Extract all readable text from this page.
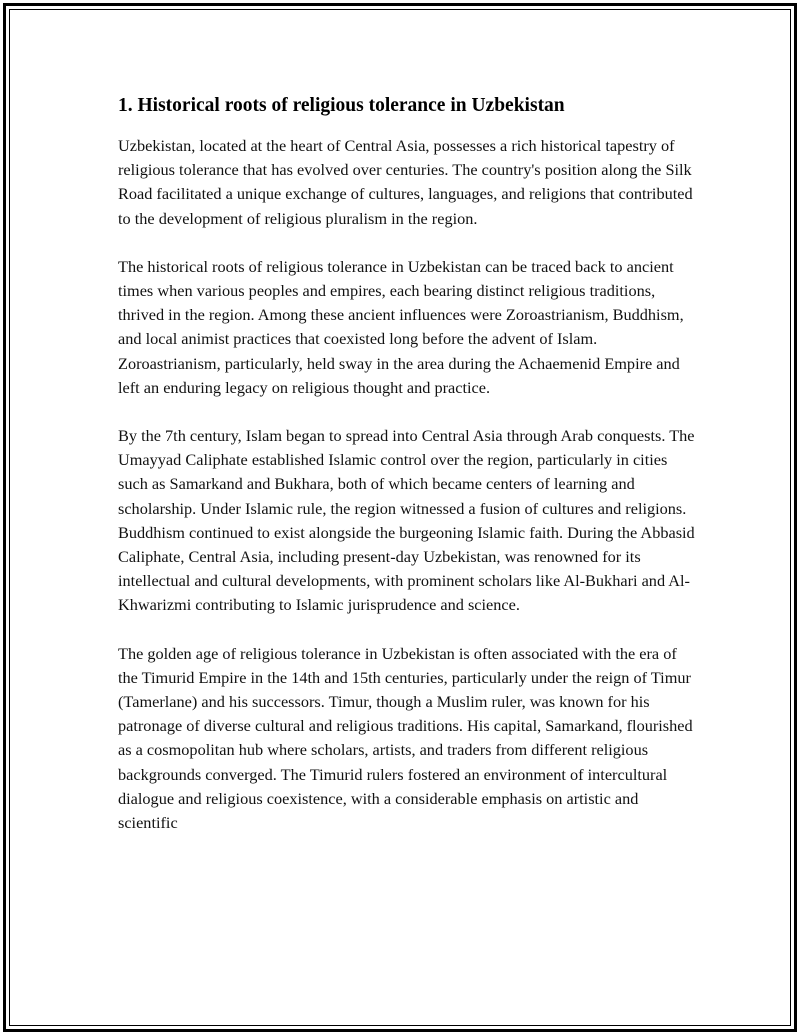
1. Historical roots of religious tolerance in Uzbekistan

Uzbekistan, located at the heart of Central Asia, possesses a rich historical tapestry of religious tolerance that has evolved over centuries. The country's position along the Silk Road facilitated a unique exchange of cultures, languages, and religions that contributed to the development of religious pluralism in the region.

The historical roots of religious tolerance in Uzbekistan can be traced back to ancient times when various peoples and empires, each bearing distinct religious traditions, thrived in the region. Among these ancient influences were Zoroastrianism, Buddhism, and local animist practices that coexisted long before the advent of Islam. Zoroastrianism, particularly, held sway in the area during the Achaemenid Empire and left an enduring legacy on religious thought and practice.

By the 7th century, Islam began to spread into Central Asia through Arab conquests. The Umayyad Caliphate established Islamic control over the region, particularly in cities such as Samarkand and Bukhara, both of which became centers of learning and scholarship. Under Islamic rule, the region witnessed a fusion of cultures and religions. Buddhism continued to exist alongside the burgeoning Islamic faith. During the Abbasid Caliphate, Central Asia, including present-day Uzbekistan, was renowned for its intellectual and cultural developments, with prominent scholars like Al-Bukhari and Al-Khwarizmi contributing to Islamic jurisprudence and science.

The golden age of religious tolerance in Uzbekistan is often associated with the era of the Timurid Empire in the 14th and 15th centuries, particularly under the reign of Timur (Tamerlane) and his successors. Timur, though a Muslim ruler, was known for his patronage of diverse cultural and religious traditions. His capital, Samarkand, flourished as a cosmopolitan hub where scholars, artists, and traders from different religious backgrounds converged. The Timurid rulers fostered an environment of intercultural dialogue and religious coexistence, with a considerable emphasis on artistic and scientific
